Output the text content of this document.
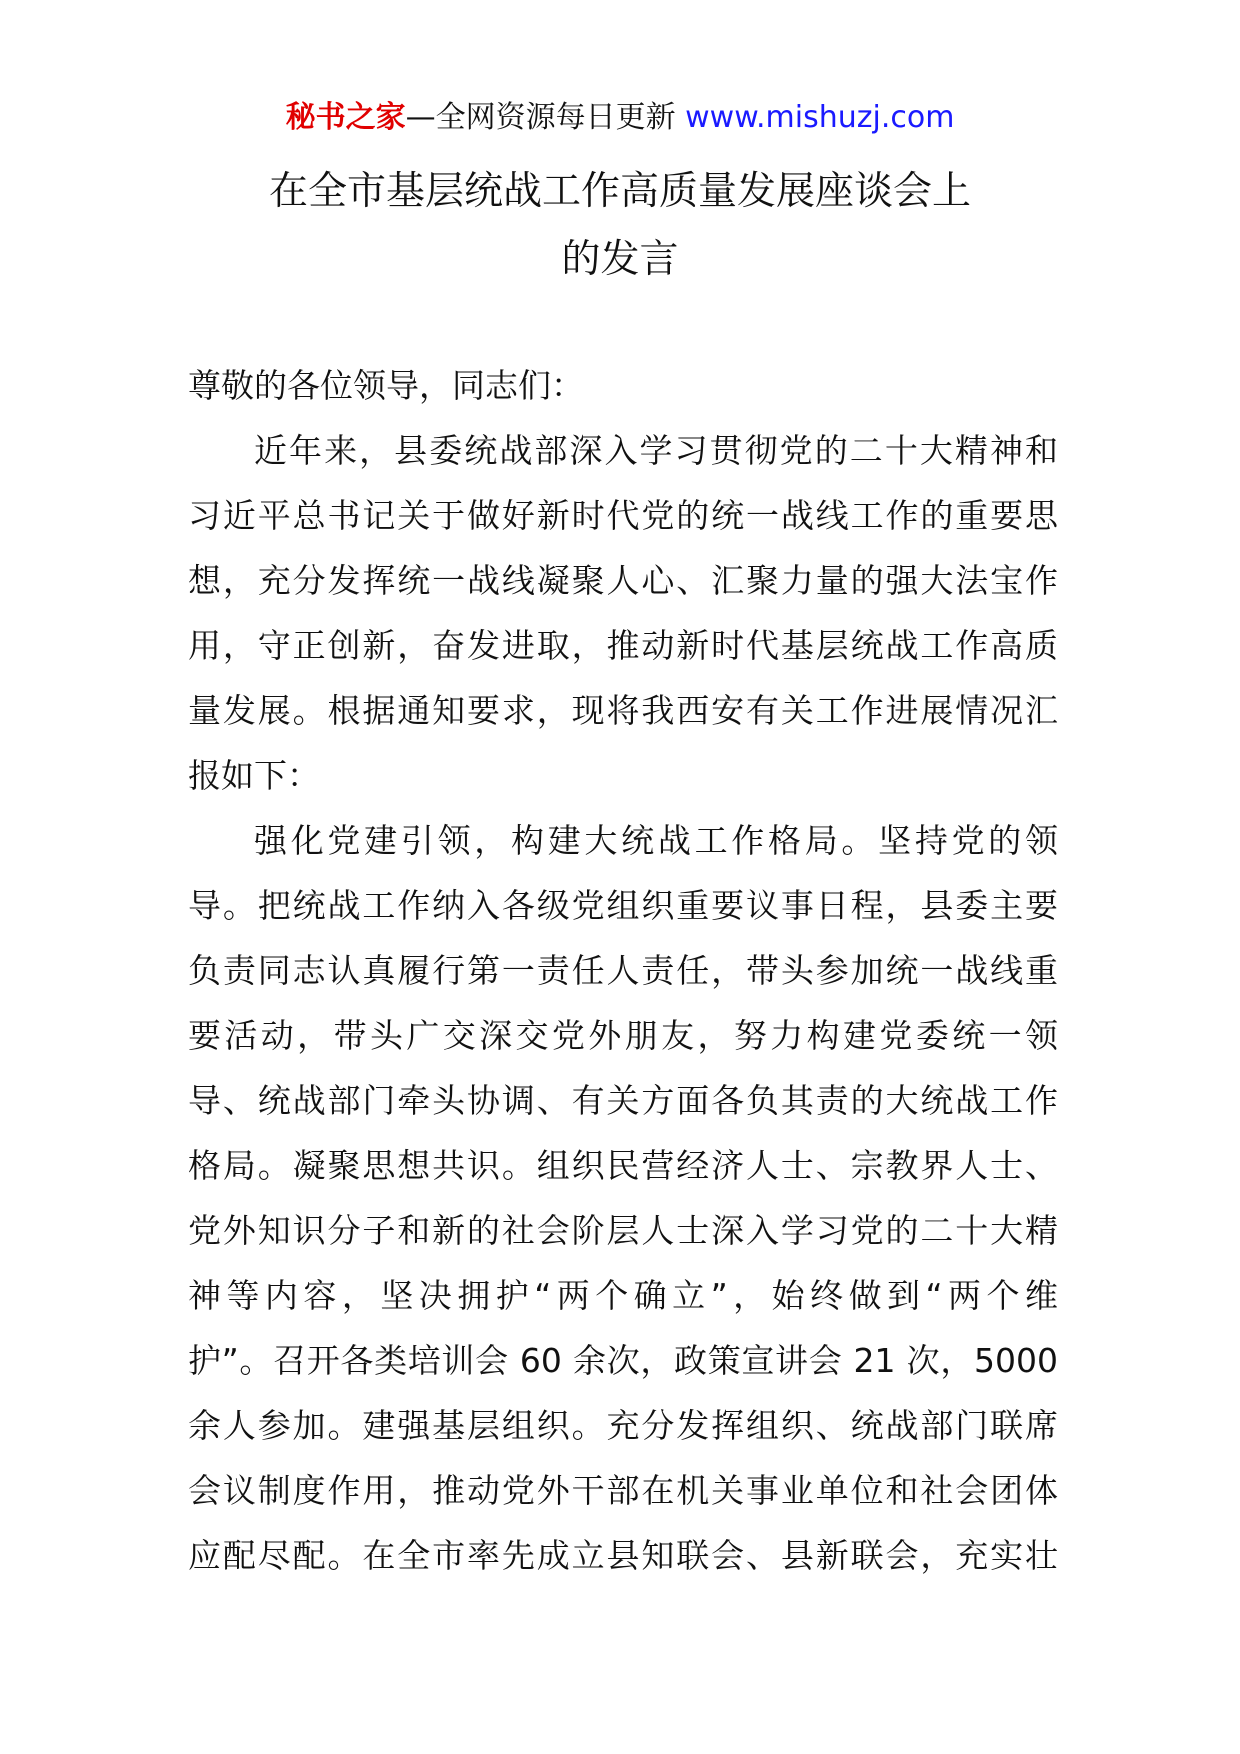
秘书之家—全网资源每日更新 www.mishuzj.com
在全市基层统战工作高质量发展座谈会上
的发言
尊敬的各位领导，同志们：
近年来，县委统战部深入学习贯彻党的二十大精神和
习近平总书记关于做好新时代党的统一战线工作的重要思
想，充分发挥统一战线凝聚人心、汇聚力量的强大法宝作
用，守正创新，奋发进取，推动新时代基层统战工作高质
量发展。根据通知要求，现将我西安有关工作进展情况汇
报如下：
强化党建引领，构建大统战工作格局。坚持党的领
导。把统战工作纳入各级党组织重要议事日程，县委主要
负责同志认真履行第一责任人责任，带头参加统一战线重
要活动，带头广交深交党外朋友，努力构建党委统一领
导、统战部门牵头协调、有关方面各负其责的大统战工作
格局。凝聚思想共识。组织民营经济人士、宗教界人士、
党外知识分子和新的社会阶层人士深入学习党的二十大精
神等内容，坚决拥护“两个确立”，始终做到“两个维
护”。召开各类培训会 60 余次，政策宣讲会 21 次，5000
余人参加。建强基层组织。充分发挥组织、统战部门联席
会议制度作用，推动党外干部在机关事业单位和社会团体
应配尽配。在全市率先成立县知联会、县新联会，充实壮
